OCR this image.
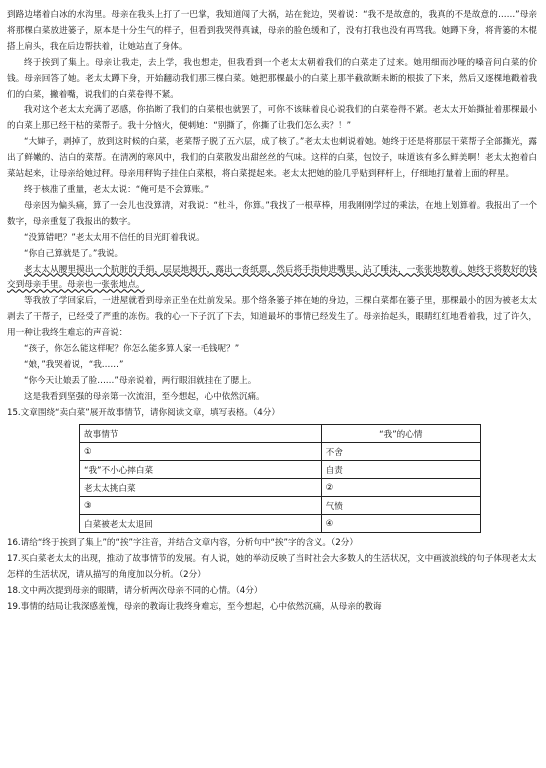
到路边堵着白冰的水沟里。母亲在我头上打了一巴掌，我知道闯了大祸，站在瓮边，哭着说：“我不是故意的，我真的不是故意的……”母亲将那棵白菜放进篓子，原本是十分生气的样子，但看到我哭得真诚，母亲的脸色缓和了，没有打我也没有再骂我。她蹲下身，将背篓的木棍搭上肩头，我在后边帮扶着，让她站直了身体。

终于挨到了集上。母亲让我走，去上学，我也想走，但我看到一个老太太朝着我们的白菜走了过来。她用细而沙哑的嗓音问白菜的价钱。母亲回答了她。老太太蹲下身，开始翻动我们那三棵白菜。她把那棵最小的白菜上那半截欲断未断的根拔了下来，然后又逐棵地戳着我们的白菜，撇着嘴，说我们的白菜卷得不紧。

我对这个老太太充满了恶感，你掐断了我们的白菜根也就罢了，可你不该昧着良心说我们的白菜卷得不紧。老太太开始撕扯着那棵最小的白菜上那已经干枯的菜帮子。我十分恼火，便刺她：“别撕了，你撕了让我们怎么卖？！”

“大婶子，剥掉了，放到这时候的白菜，老菜帮子脱了五六层，成了核了。”老太太也刺说着她。她终于还是将那层干菜帮子全部撕光，露出了鲜嫩的、洁白的菜帮。在清冽的寒风中，我们的白菜散发出甜丝丝的气味。这样的白菜，包饺子，味道该有多么鲜美啊！老太太抱着白菜站起来，让母亲给她过秤。母亲用秤钩子挂住白菜根，将白菜提起来。老太太把她的脸几乎贴到秤杆上，仔细地打量着上面的秤星。

终于核准了重量，老太太说：“俺可是不会算账。”

母亲因为偏头痛，算了一会儿也没算清，对我说：“杜斗，你算。”我找了一根草棒，用我刚刚学过的乘法，在地上划算着。我报出了一个数字，母亲重复了我报出的数字。

“没算错吧？”老太太用不信任的目光盯着我说。

“你自己算就是了。”我说。

老太太从腰里摸出一个肮脏的手绢，层层地揭开，露出一沓纸票，然后将手指伸进嘴里，沾了唾沫，一张张地数着。她终于将数好的钱交到母亲手里。母亲也一张张地点。

等我放了学回家后，一进屋就看到母亲正坐在灶前发呆。那个络条篓子摔在她的身边，三棵白菜都在篓子里，那棵最小的因为被老太太剥去了干帮子，已经受了严重的冻伤。我的心一下子沉了下去，知道最坏的事情已经发生了。母亲抬起头，眼睛红红地看着我，过了许久，用一种让我终生难忘的声音说：

“孩子，你怎么能这样呢？你怎么能多算人家一毛钱呢？”

“娘，”我哭着说，“我……”

“你今天让娘丢了脸……”母亲说着，两行眼泪就挂在了腮上。

这是我看到坚强的母亲第一次流泪，至今想起，心中依然沉痛。

15.文章围绕“卖白菜”展开故事情节，请你阅读文章，填写表格。（4分）

故事情节	“我”的心情
①	不舍
“我”不小心摔白菜	自责
老太太挑白菜	②
③	气愤
白菜被老太太退回	④

16.请给“终于挨到了集上”的“挨”字注音，并结合文章内容，分析句中“挨”字的含义。（2分）

17.买白菜老太太的出现，推动了故事情节的发展。有人说，她的举动反映了当时社会大多数人的生活状况，文中画波浪线的句子体现老太太怎样的生活状况，请从描写的角度加以分析。（2分）

18.文中两次提到母亲的眼睛，请分析两次母亲不同的心情。（4分）

19.事情的结局让我深感羞愧，母亲的教诲让我终身难忘，至今想起，心中依然沉痛，从母亲的教诲
